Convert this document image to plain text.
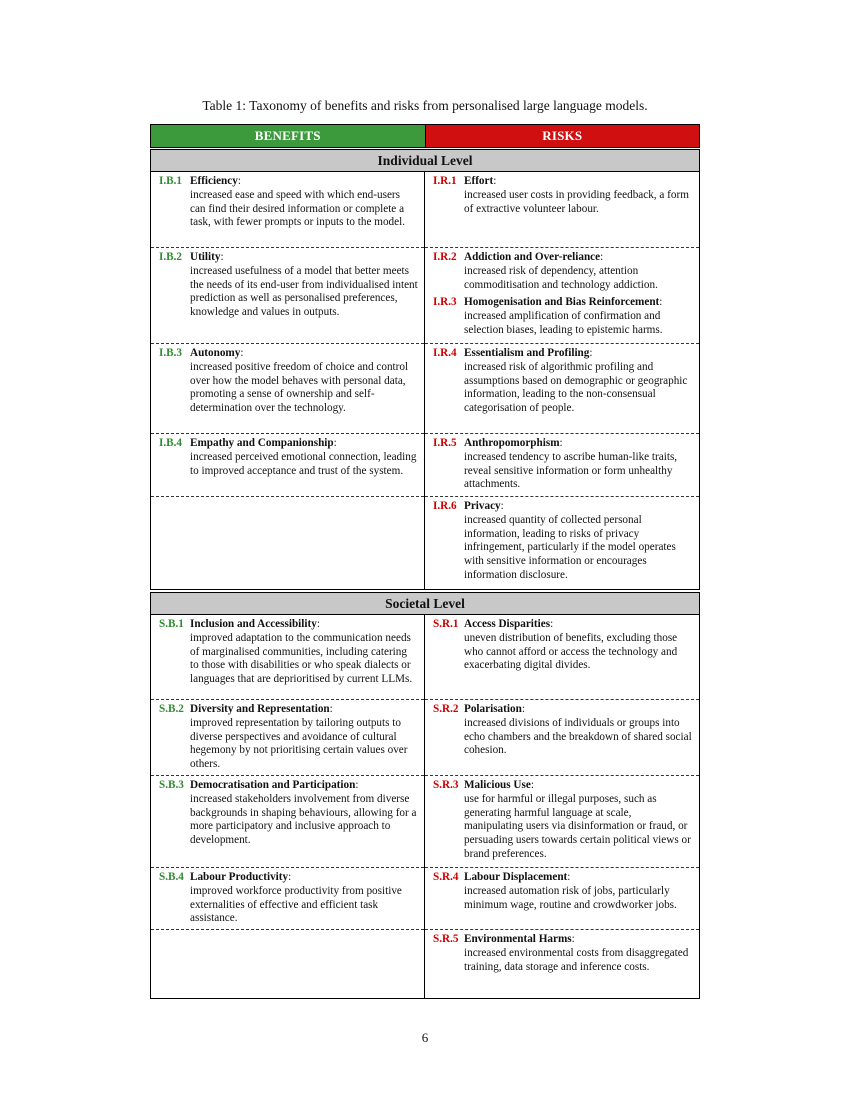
Table 1: Taxonomy of benefits and risks from personalised large language models.
BENEFITS	RISKS
Individual Level
I.B.1 Efficiency:
increased ease and speed with which end-users can find their desired information or complete a task, with fewer prompts or inputs to the model.
I.B.2 Utility:
increased usefulness of a model that better meets the needs of its end-user from individualised intent prediction as well as personalised preferences, knowledge and values in outputs.
I.B.3 Autonomy:
increased positive freedom of choice and control over how the model behaves with personal data, promoting a sense of ownership and self-determination over the technology.
I.B.4 Empathy and Companionship:
increased perceived emotional connection, leading to improved acceptance and trust of the system.
I.R.1 Effort:
increased user costs in providing feedback, a form of extractive volunteer labour.
I.R.2 Addiction and Over-reliance:
increased risk of dependency, attention commoditisation and technology addiction.
I.R.3 Homogenisation and Bias Reinforcement:
increased amplification of confirmation and selection biases, leading to epistemic harms.
I.R.4 Essentialism and Profiling:
increased risk of algorithmic profiling and assumptions based on demographic or geographic information, leading to the non-consensual categorisation of people.
I.R.5 Anthropomorphism:
increased tendency to ascribe human-like traits, reveal sensitive information or form unhealthy attachments.
I.R.6 Privacy:
increased quantity of collected personal information, leading to risks of privacy infringement, particularly if the model operates with sensitive information or encourages information disclosure.
Societal Level
S.B.1 Inclusion and Accessibility:
improved adaptation to the communication needs of marginalised communities, including catering to those with disabilities or who speak dialects or languages that are deprioritised by current LLMs.
S.B.2 Diversity and Representation:
improved representation by tailoring outputs to diverse perspectives and avoidance of cultural hegemony by not prioritising certain values over others.
S.B.3 Democratisation and Participation:
increased stakeholders involvement from diverse backgrounds in shaping behaviours, allowing for a more participatory and inclusive approach to development.
S.B.4 Labour Productivity:
improved workforce productivity from positive externalities of effective and efficient task assistance.
S.R.1 Access Disparities:
uneven distribution of benefits, excluding those who cannot afford or access the technology and exacerbating digital divides.
S.R.2 Polarisation:
increased divisions of individuals or groups into echo chambers and the breakdown of shared social cohesion.
S.R.3 Malicious Use:
use for harmful or illegal purposes, such as generating harmful language at scale, manipulating users via disinformation or fraud, or persuading users towards certain political views or brand preferences.
S.R.4 Labour Displacement:
increased automation risk of jobs, particularly minimum wage, routine and crowdworker jobs.
S.R.5 Environmental Harms:
increased environmental costs from disaggregated training, data storage and inference costs.
6
